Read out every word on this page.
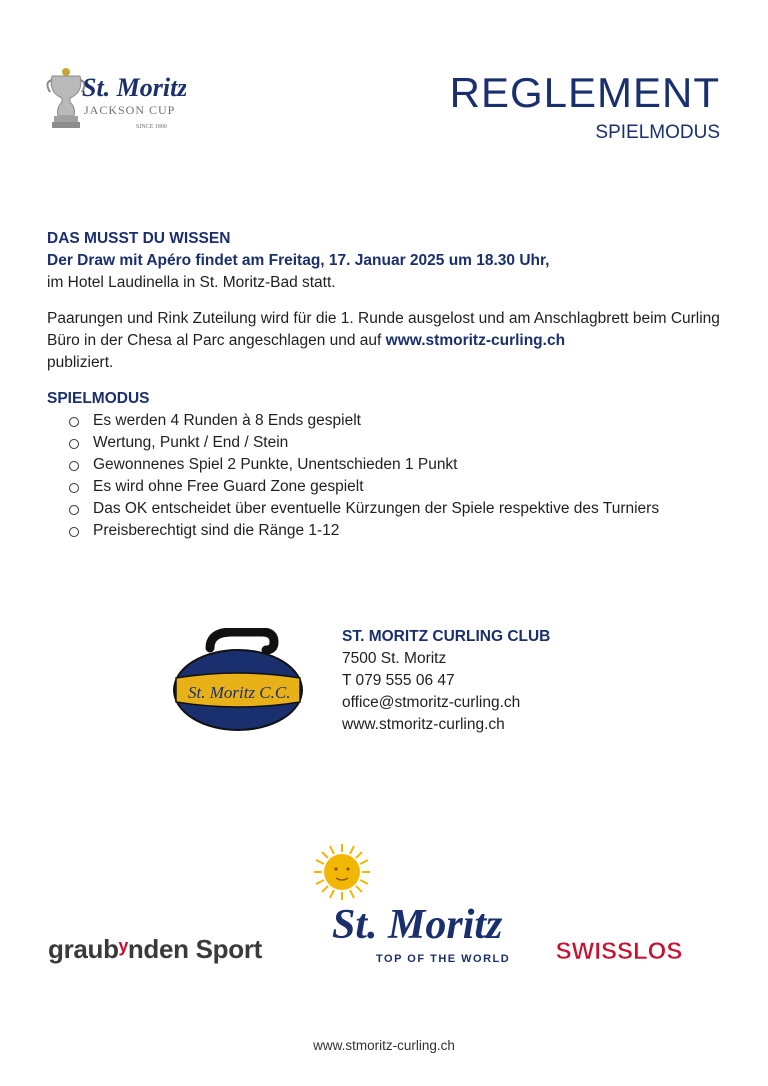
St. Moritz
JACKSON CUP
SINCE 1890
REGLEMENT
SPIELMODUS
DAS MUSST DU WISSEN
Der Draw mit Apéro findet am Freitag, 17. Januar 2025 um 18.30 Uhr,

im Hotel Laudinella in St. Moritz-Bad statt.

Paarungen und Rink Zuteilung wird für die 1. Runde ausgelost und am Anschlagbrett beim Curling Büro in der Chesa al Parc angeschlagen und auf www.stmoritz-curling.ch
publiziert.

SPIELMODUS
Es werden 4 Runden à 8 Ends gespielt
Wertung, Punkt / End / Stein
Gewonnenes Spiel 2 Punkte, Unentschieden 1 Punkt
Es wird ohne Free Guard Zone gespielt
Das OK entscheidet über eventuelle Kürzungen der Spiele respektive des Turniers
Preisberechtigt sind die Ränge 1-12
St. Moritz C.C.
ST. MORITZ CURLING CLUB
7500 St. Moritz
T 079 555 06 47
office@stmoritz-curling.ch
www.stmoritz-curling.ch
graubʸnden Sport
St. Moritz
TOP OF THE WORLD SWISSLOS
www.stmoritz-curling.ch
